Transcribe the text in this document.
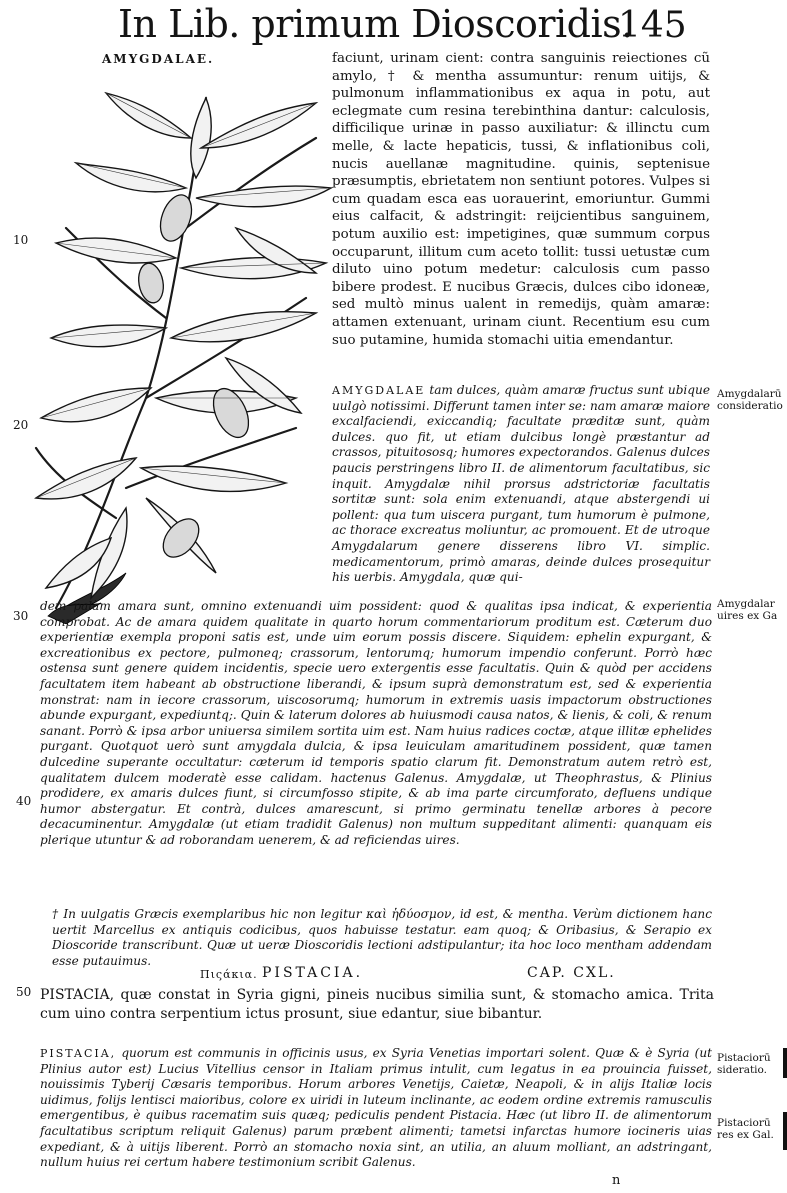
In Lib. primum Dioscoridis.
145
AMYGDALAE.
10
20
30
40
50

faciunt, urinam cient: contra sanguinis reiectiones cũ amylo, † & mentha assumuntur: renum uitijs, & pulmonum inflammationibus ex aqua in potu, aut eclegmate cum resina terebinthina dantur: calculosis, difficilique urinæ in passo auxiliatur: & illinctu cum melle, & lacte hepaticis, tussi, & inflationibus coli, nucis auellanæ magnitudine. quinis, septenisue præsumptis, ebrietatem non sentiunt potores. Vulpes si cum quadam esca eas uorauerint, emoriuntur. Gummi eius calfacit, & adstringit: reijcientibus sanguinem, potum auxilio est: impetigines, quæ summum corpus occuparunt, illitum cum aceto tollit: tussi uetustæ cum diluto uino potum medetur: calculosis cum passo bibere prodest. E nucibus Græcis, dulces cibo idoneæ, sed multò minus ualent in remedijs, quàm amaræ: attamen extenuant, urinam ciunt. Recentium esu cum suo putamine, humida stomachi uitia emendantur.

AMYGDALAE tam dulces, quàm amaræ fructus sunt ubique uulgò notissimi. Differunt tamen inter se: nam amaræ maiore excalfaciendi, exiccandiq; facultate præditæ sunt, quàm dulces. quo fit, ut etiam dulcibus longè præstantur ad crassos, pituitososq; humores expectorandos. Galenus dulces paucis perstringens libro II. de alimentorum facultatibus, sic inquit. Amygdalæ nihil prorsus adstrictoriæ facultatis sortitæ sunt: sola enim extenuandi, atque abstergendi ui pollent: qua tum uiscera purgant, tum humorum è pulmone, ac thorace excreatus moliuntur, ac promouent. Et de utroque Amygdalarum genere disserens libro VI. simplic. medicamentorum, primò amaras, deinde dulces prosequitur his uerbis. Amygdala, quæ qui-

dem palàm amara sunt, omnino extenuandi uim possident: quod & qualitas ipsa indicat, & experientia comprobat. Ac de amara quidem qualitate in quarto horum commentariorum proditum est. Cæterum duo experientiæ exempla proponi satis est, unde uim eorum possis discere. Siquidem: ephelin expurgant, & excreationibus ex pectore, pulmoneq; crassorum, lentorumq; humorum impendio conferunt. Porrò hæc ostensa sunt genere quidem incidentis, specie uero extergentis esse facultatis. Quin & quòd per accidens facultatem item habeant ab obstructione liberandi, & ipsum suprà demonstratum est, sed & experientia monstrat: nam in iecore crassorum, uiscosorumq; humorum in extremis uasis impactorum obstructiones abunde expurgant, expediuntq;. Quin & laterum dolores ab huiusmodi causa natos, & lienis, & coli, & renum sanant. Porrò & ipsa arbor uniuersa similem sortita uim est. Nam huius radices coctæ, atque illitæ ephelides purgant. Quotquot uerò sunt amygdala dulcia, & ipsa leuiculam amaritudinem possident, quæ tamen dulcedine superante occultatur: cæterum id temporis spatio clarum fit. Demonstratum autem retrò est, qualitatem dulcem moderatè esse calidam. hactenus Galenus. Amygdalæ, ut Theophrastus, & Plinius prodidere, ex amaris dulces fiunt, si circumfosso stipite, & ab ima parte circumforato, defluens undique humor abstergatur. Et contrà, dulces amarescunt, si primo germinatu tenellæ arbores à pecore decacuminentur. Amygdalæ (ut etiam tradidit Galenus) non multum suppeditant alimenti: quanquam eis plerique utuntur & ad roborandam uenerem, & ad reficiendas uires.

† In uulgatis Græcis exemplaribus hic non legitur καὶ ἡδύοσμον, id est, & mentha. Verùm dictionem hanc uertit Marcellus ex antiquis codicibus, quos habuisse testatur. eam quoq; & Oribasius, & Serapio ex Dioscoride transcribunt. Quæ ut ueræ Dioscoridis lectioni adstipulantur; ita hoc loco mentham addendam esse putauimus.

Πιςάκια. PISTACIA.	CAP. CXL.

PISTACIA, quæ constat in Syria gigni, pineis nucibus similia sunt, & stomacho amica. Trita cum uino contra serpentium ictus prosunt, siue edantur, siue bibantur.

PISTACIA, quorum est communis in officinis usus, ex Syria Venetias importari solent. Quæ & è Syria (ut Plinius autor est) Lucius Vitellius censor in Italiam primus intulit, cum legatus in ea prouincia fuisset, nouissimis Tyberij Cæsaris temporibus. Horum arbores Venetijs, Caietæ, Neapoli, & in alijs Italiæ locis uidimus, folijs lentisci maioribus, colore ex uiridi in luteum inclinante, ac eodem ordine extremis ramusculis emergentibus, è quibus racematim suis quæq; pediculis pendent Pistacia. Hæc (ut libro II. de alimentorum facultatibus scriptum reliquit Galenus) parum præbent alimenti; tametsi infarctas humore iocineris uias expediant, & à uitijs liberent. Porrò an stomacho noxia sint, an utilia, an aluum molliant, an adstringant, nullum huius rei certum habere testimonium scribit Galenus.

Amygdalarū
consideratio
Amygdalar
uires ex Ga
Pistaciorū
sideratio.
Pistaciorū
res ex Gal.
n
